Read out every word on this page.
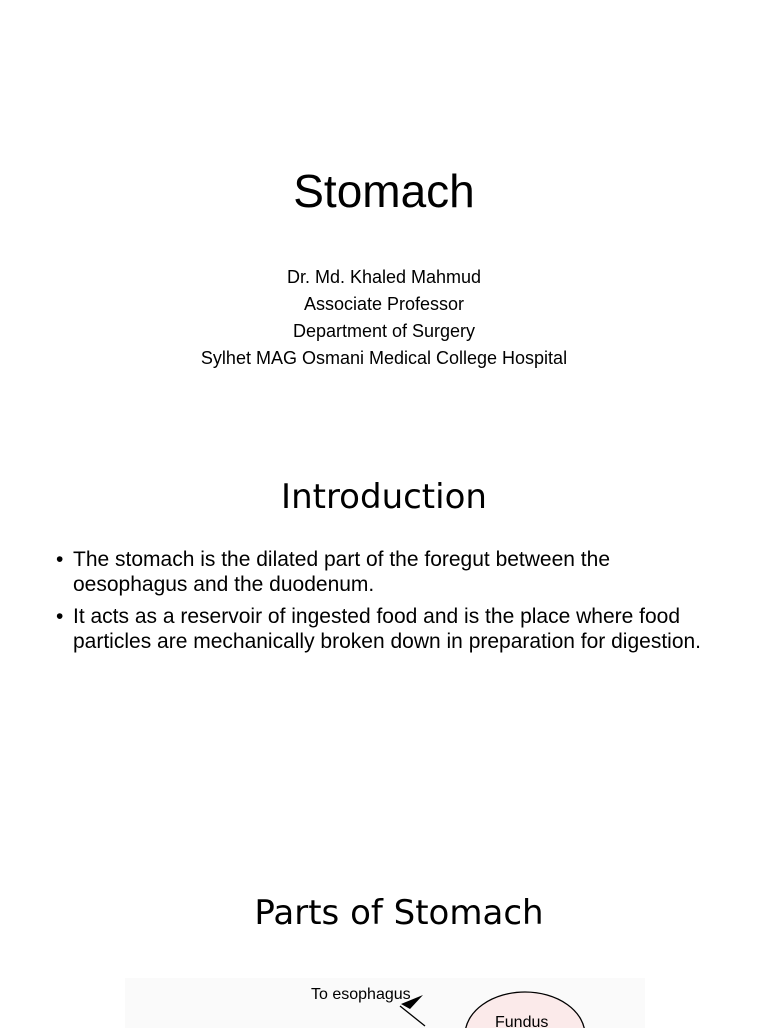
Stomach
Dr. Md. Khaled Mahmud
Associate Professor
Department of Surgery
Sylhet MAG Osmani Medical College Hospital
Introduction
• The stomach is the dilated part of the foregut between the oesophagus and the duodenum.
• It acts as a reservoir of ingested food and is the place where food particles are mechanically broken down in preparation for digestion.
Parts of Stomach
To esophagus
Fundus
